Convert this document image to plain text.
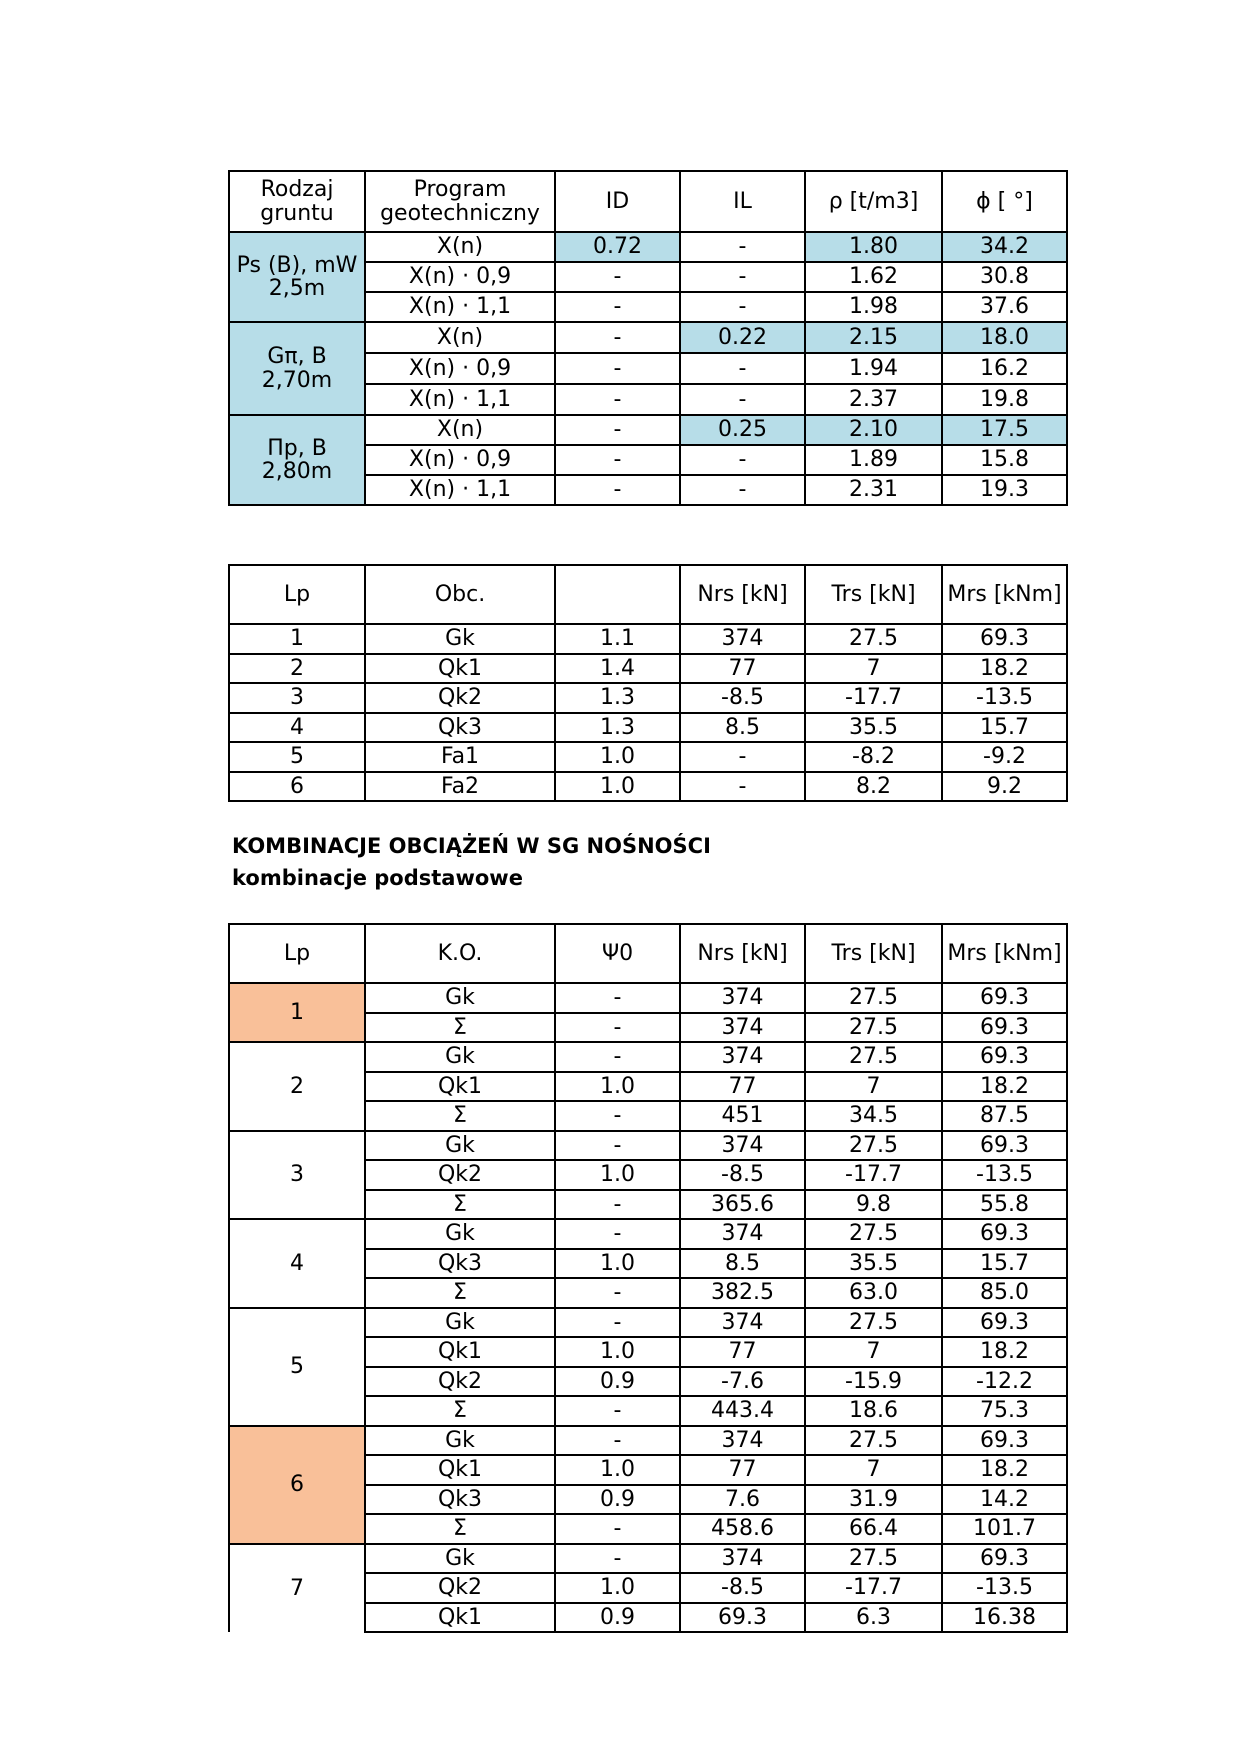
Rodzaj gruntu	Program geotechniczny	ID	IL	ρ [t/m3]	ϕ [ °]
Ps (B), mW 2,5m	X(n)	0.72	-	1.80	34.2
	X(n) · 0,9	-	-	1.62	30.8
	X(n) · 1,1	-	-	1.98	37.6
Gπ, B 2,70m	X(n)	-	0.22	2.15	18.0
	X(n) · 0,9	-	-	1.94	16.2
	X(n) · 1,1	-	-	2.37	19.8
Πp, B 2,80m	X(n)	-	0.25	2.10	17.5
	X(n) · 0,9	-	-	1.89	15.8
	X(n) · 1,1	-	-	2.31	19.3
Lp	Obc.		Nrs [kN]	Trs [kN]	Mrs [kNm]
1	Gk	1.1	374	27.5	69.3
2	Qk1	1.4	77	7	18.2
3	Qk2	1.3	-8.5	-17.7	-13.5
4	Qk3	1.3	8.5	35.5	15.7
5	Fa1	1.0	-	-8.2	-9.2
6	Fa2	1.0	-	8.2	9.2

KOMBINACJE OBCIĄŻEŃ W SG NOŚNOŚCI

kombinacje podstawowe

Lp	K.O.	Ψ0	Nrs [kN]	Trs [kN]	Mrs [kNm]
1	Gk	-	374	27.5	69.3
	Σ	-	374	27.5	69.3
2	Gk	-	374	27.5	69.3
	Qk1	1.0	77	7	18.2
	Σ	-	451	34.5	87.5
3	Gk	-	374	27.5	69.3
	Qk2	1.0	-8.5	-17.7	-13.5
	Σ	-	365.6	9.8	55.8
4	Gk	-	374	27.5	69.3
	Qk3	1.0	8.5	35.5	15.7
	Σ	-	382.5	63.0	85.0
5	Gk	-	374	27.5	69.3
	Qk1	1.0	77	7	18.2
	Qk2	0.9	-7.6	-15.9	-12.2
	Σ	-	443.4	18.6	75.3
6	Gk	-	374	27.5	69.3
	Qk1	1.0	77	7	18.2
	Qk3	0.9	7.6	31.9	14.2
	Σ	-	458.6	66.4	101.7
7	Gk	-	374	27.5	69.3
	Qk2	1.0	-8.5	-17.7	-13.5
	Qk1	0.9	69.3	6.3	16.38
